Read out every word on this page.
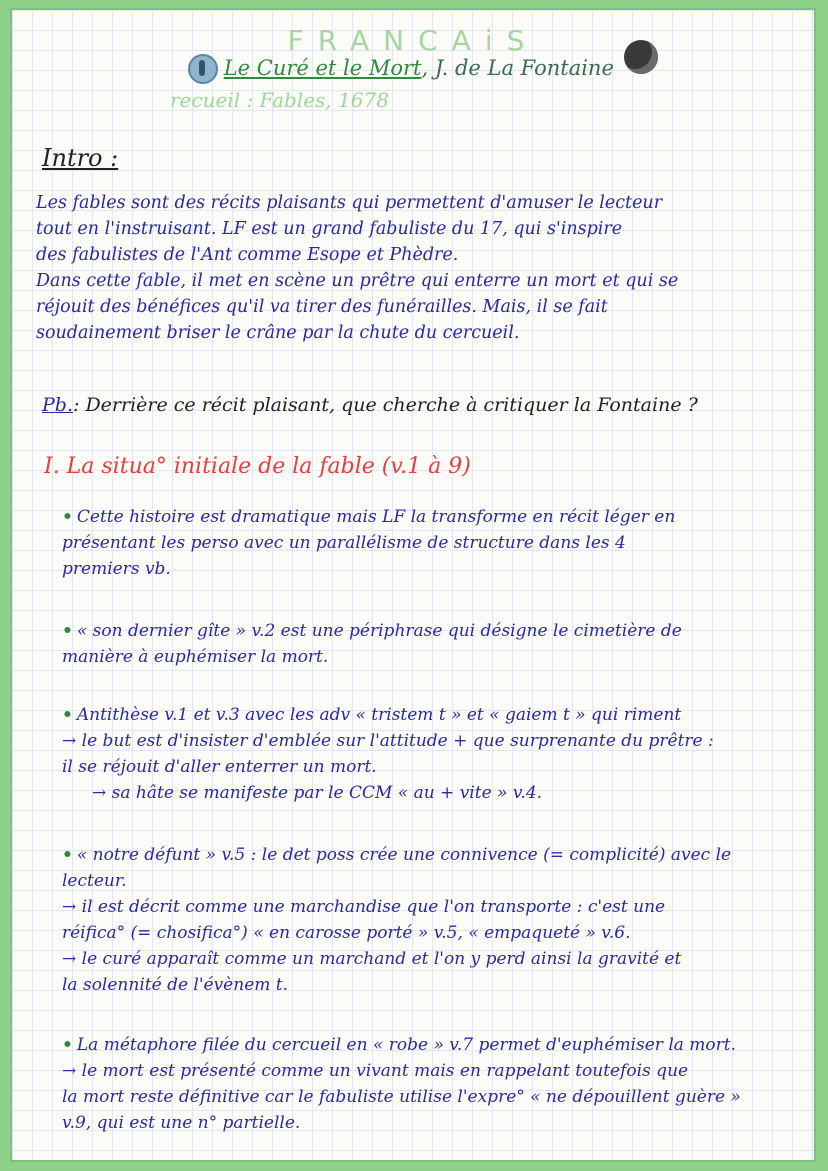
FRANCAiS
Le Curé et le Mort, J. de La Fontaine
recueil : Fables, 1678
Intro :
Les fables sont des récits plaisants qui permettent d'amuser le lecteur
tout en l'instruisant. LF est un grand fabuliste du 17, qui s'inspire
des fabulistes de l'Ant comme Esope et Phèdre.
Dans cette fable, il met en scène un prêtre qui enterre un mort et qui se
réjouit des bénéfices qu'il va tirer des funérailles. Mais, il se fait
soudainement briser le crâne par la chute du cercueil.
Pb.: Derrière ce récit plaisant, que cherche à critiquer la Fontaine ?
I. La situa° initiale de la fable (v.1 à 9)
• Cette histoire est dramatique mais LF la transforme en récit léger en
présentant les perso avec un parallélisme de structure dans les 4
premiers vb.
• « son dernier gîte » v.2 est une périphrase qui désigne le cimetière de
manière à euphémiser la mort.
• Antithèse v.1 et v.3 avec les adv « tristem t » et « gaiem t » qui riment
→ le but est d'insister d'emblée sur l'attitude + que surprenante du prêtre :
il se réjouit d'aller enterrer un mort.
→ sa hâte se manifeste par le CCM « au + vite » v.4.
• « notre défunt » v.5 : le det poss crée une connivence (= complicité) avec le
lecteur.
→ il est décrit comme une marchandise que l'on transporte : c'est une
réifica° (= chosifica°) « en carosse porté » v.5, « empaqueté » v.6.
→ le curé apparaît comme un marchand et l'on y perd ainsi la gravité et
la solennité de l'évènem t.
• La métaphore filée du cercueil en « robe » v.7 permet d'euphémiser la mort.
→ le mort est présenté comme un vivant mais en rappelant toutefois que
la mort reste définitive car le fabuliste utilise l'expre° « ne dépouillent guère »
v.9, qui est une n° partielle.
